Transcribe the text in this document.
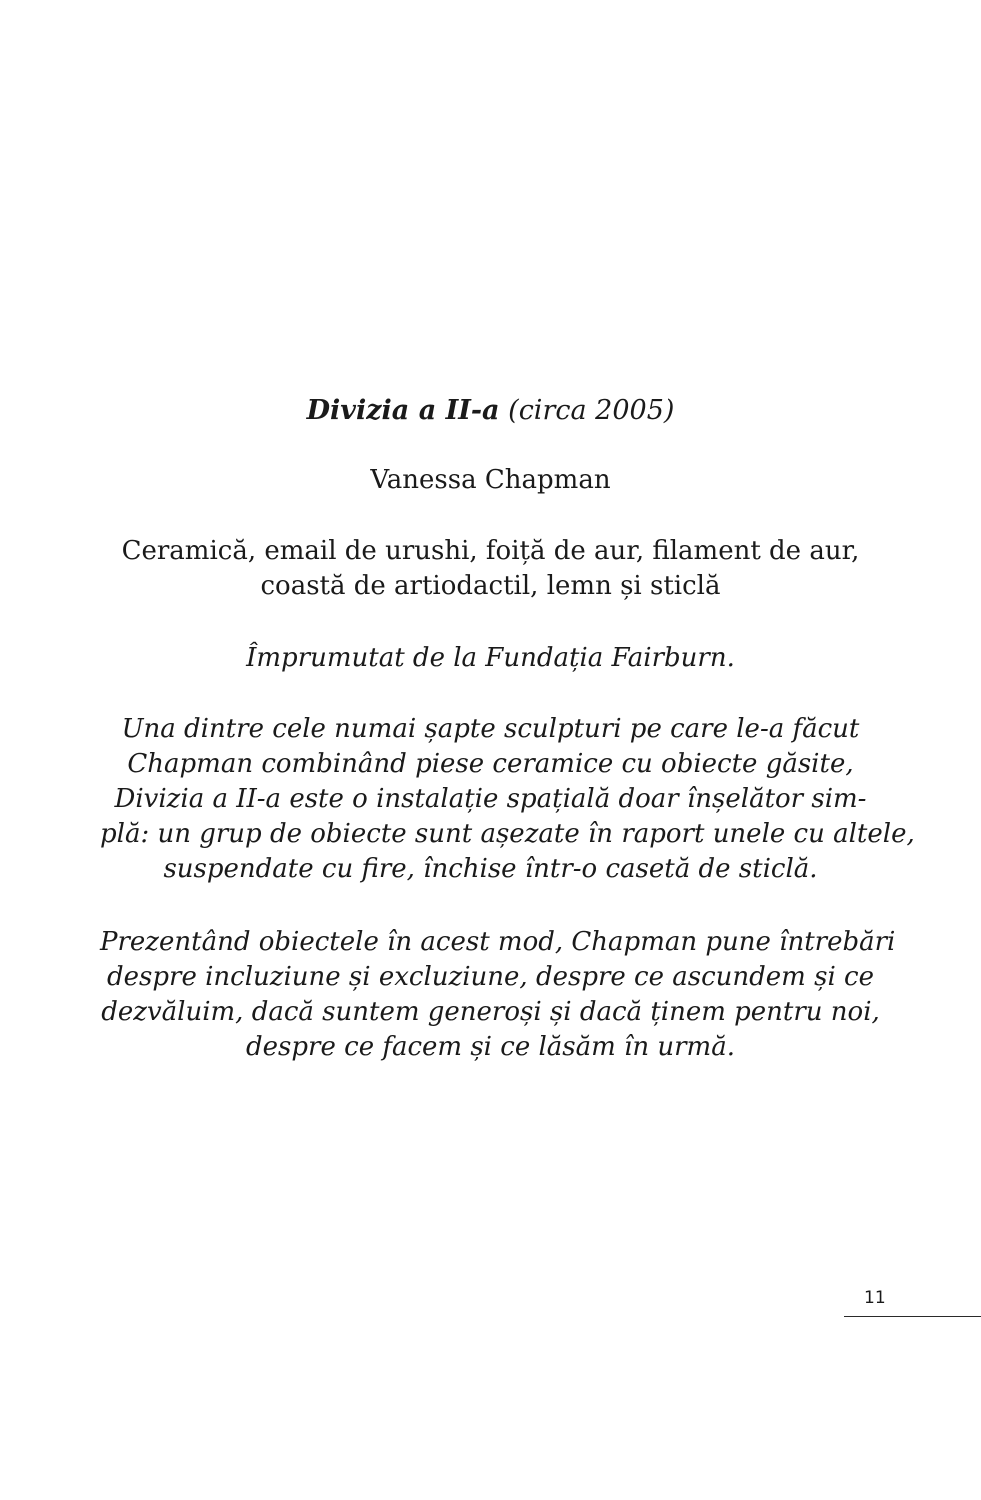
Divizia a II-a (circa 2005)
Vanessa Chapman
Ceramică, email de urushi, foiță de aur, filament de aur,
coastă de artiodactil, lemn și sticlă
Împrumutat de la Fundația Fairburn.
Una dintre cele numai șapte sculpturi pe care le-a făcut
Chapman combinând piese ceramice cu obiecte găsite,
Divizia a II-a este o instalație spațială doar înșelător sim-
plă: un grup de obiecte sunt așezate în raport unele cu altele,
suspendate cu fire, închise într-o casetă de sticlă.
Prezentând obiectele în acest mod, Chapman pune întrebări
despre incluziune și excluziune, despre ce ascundem și ce
dezvăluim, dacă suntem generoși și dacă ținem pentru noi,
despre ce facem și ce lăsăm în urmă.
11
